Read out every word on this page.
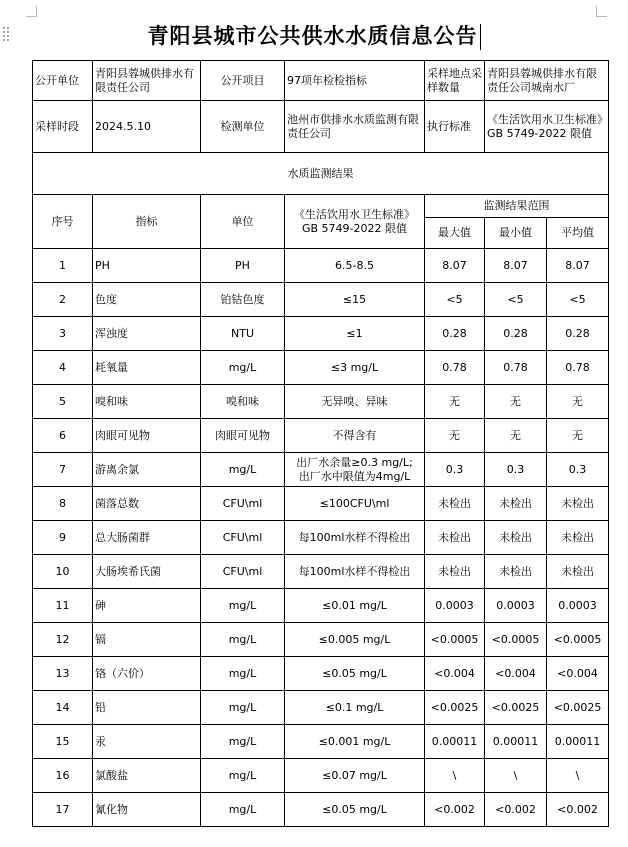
青阳县城市公共供水水质信息公告
公开单位	青阳县蓉城供排水有限责任公司	公开项目	97项年检检指标	采样地点采样数量	青阳县蓉城供排水有限责任公司城南水厂	
采样时段	2024.5.10	检测单位	池州市供排水水质监测有限责任公司	执行标准	《生活饮用水卫生标准》GB 5749-2022 限值	
水质监测结果						
序号	指标	单位	《生活饮用水卫生标准》GB 5749-2022 限值	监测结果范围		
				最大值	最小值	平均值
1	PH	PH	6.5-8.5	8.07	8.07	8.07
2	色度	铂钴色度	≤15	<5	<5	<5
3	浑浊度	NTU	≤1	0.28	0.28	0.28
4	耗氧量	mg/L	≤3 mg/L	0.78	0.78	0.78
5	嗅和味	嗅和味	无异嗅、异味	无	无	无
6	肉眼可见物	肉眼可见物	不得含有	无	无	无
7	游离余氯	mg/L	出厂水余量≥0.3 mg/L;
出厂水中限值为4mg/L	0.3	0.3	0.3
8	菌落总数	CFU\ml	≤100CFU\ml	未检出	未检出	未检出
9	总大肠菌群	CFU\ml	每100ml水样不得检出	未检出	未检出	未检出
10	大肠埃希氏菌	CFU\ml	每100ml水样不得检出	未检出	未检出	未检出
11	砷	mg/L	≤0.01 mg/L	0.0003	0.0003	0.0003
12	镉	mg/L	≤0.005 mg/L	<0.0005	<0.0005	<0.0005
13	铬（六价）	mg/L	≤0.05 mg/L	<0.004	<0.004	<0.004
14	铅	mg/L	≤0.1 mg/L	<0.0025	<0.0025	<0.0025
15	汞	mg/L	≤0.001 mg/L	0.00011	0.00011	0.00011
16	氯酸盐	mg/L	≤0.07 mg/L	\	\	\
17	氰化物	mg/L	≤0.05 mg/L	<0.002	<0.002	<0.002
